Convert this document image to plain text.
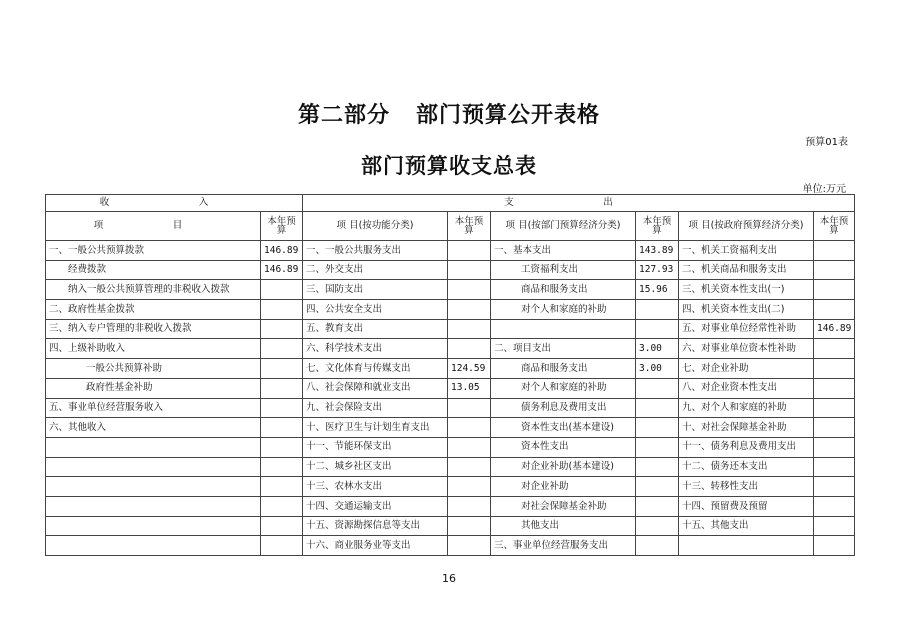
第二部分 部门预算公开表格
预算01表
部门预算收支总表
单位:万元
收　入		支　出					
项　目	本年预算	项 目(按功能分类)	本年预算	项 目(按部门预算经济分类)	本年预算	项 目(按政府预算经济分类)	本年预算
一、一般公共预算拨款	146.89	一、一般公共服务支出		一、基本支出	143.89	一、机关工资福利支出	
经费拨款	146.89	二、外交支出		工资福利支出	127.93	二、机关商品和服务支出	
纳入一般公共预算管理的非税收入拨款		三、国防支出		商品和服务支出	15.96	三、机关资本性支出(一)	
二、政府性基金拨款		四、公共安全支出		对个人和家庭的补助		四、机关资本性支出(二)	
三、纳入专户管理的非税收入拨款		五、教育支出				五、对事业单位经常性补助	146.89
四、上级补助收入		六、科学技术支出		二、项目支出	3.00	六、对事业单位资本性补助	
一般公共预算补助		七、文化体育与传媒支出	124.59	商品和服务支出	3.00	七、对企业补助	
政府性基金补助		八、社会保障和就业支出	13.05	对个人和家庭的补助		八、对企业资本性支出	
五、事业单位经营服务收入		九、社会保险支出		债务利息及费用支出		九、对个人和家庭的补助	
六、其他收入		十、医疗卫生与计划生育支出		资本性支出(基本建设)		十、对社会保障基金补助	
		十一、节能环保支出		资本性支出		十一、债务利息及费用支出	
		十二、城乡社区支出		对企业补助(基本建设)		十二、债务还本支出	
		十三、农林水支出		对企业补助		十三、转移性支出	
		十四、交通运输支出		对社会保障基金补助		十四、预留费及预留	
		十五、资源勘探信息等支出		其他支出		十五、其他支出	
		十六、商业服务业等支出		三、事业单位经营服务支出			
16
